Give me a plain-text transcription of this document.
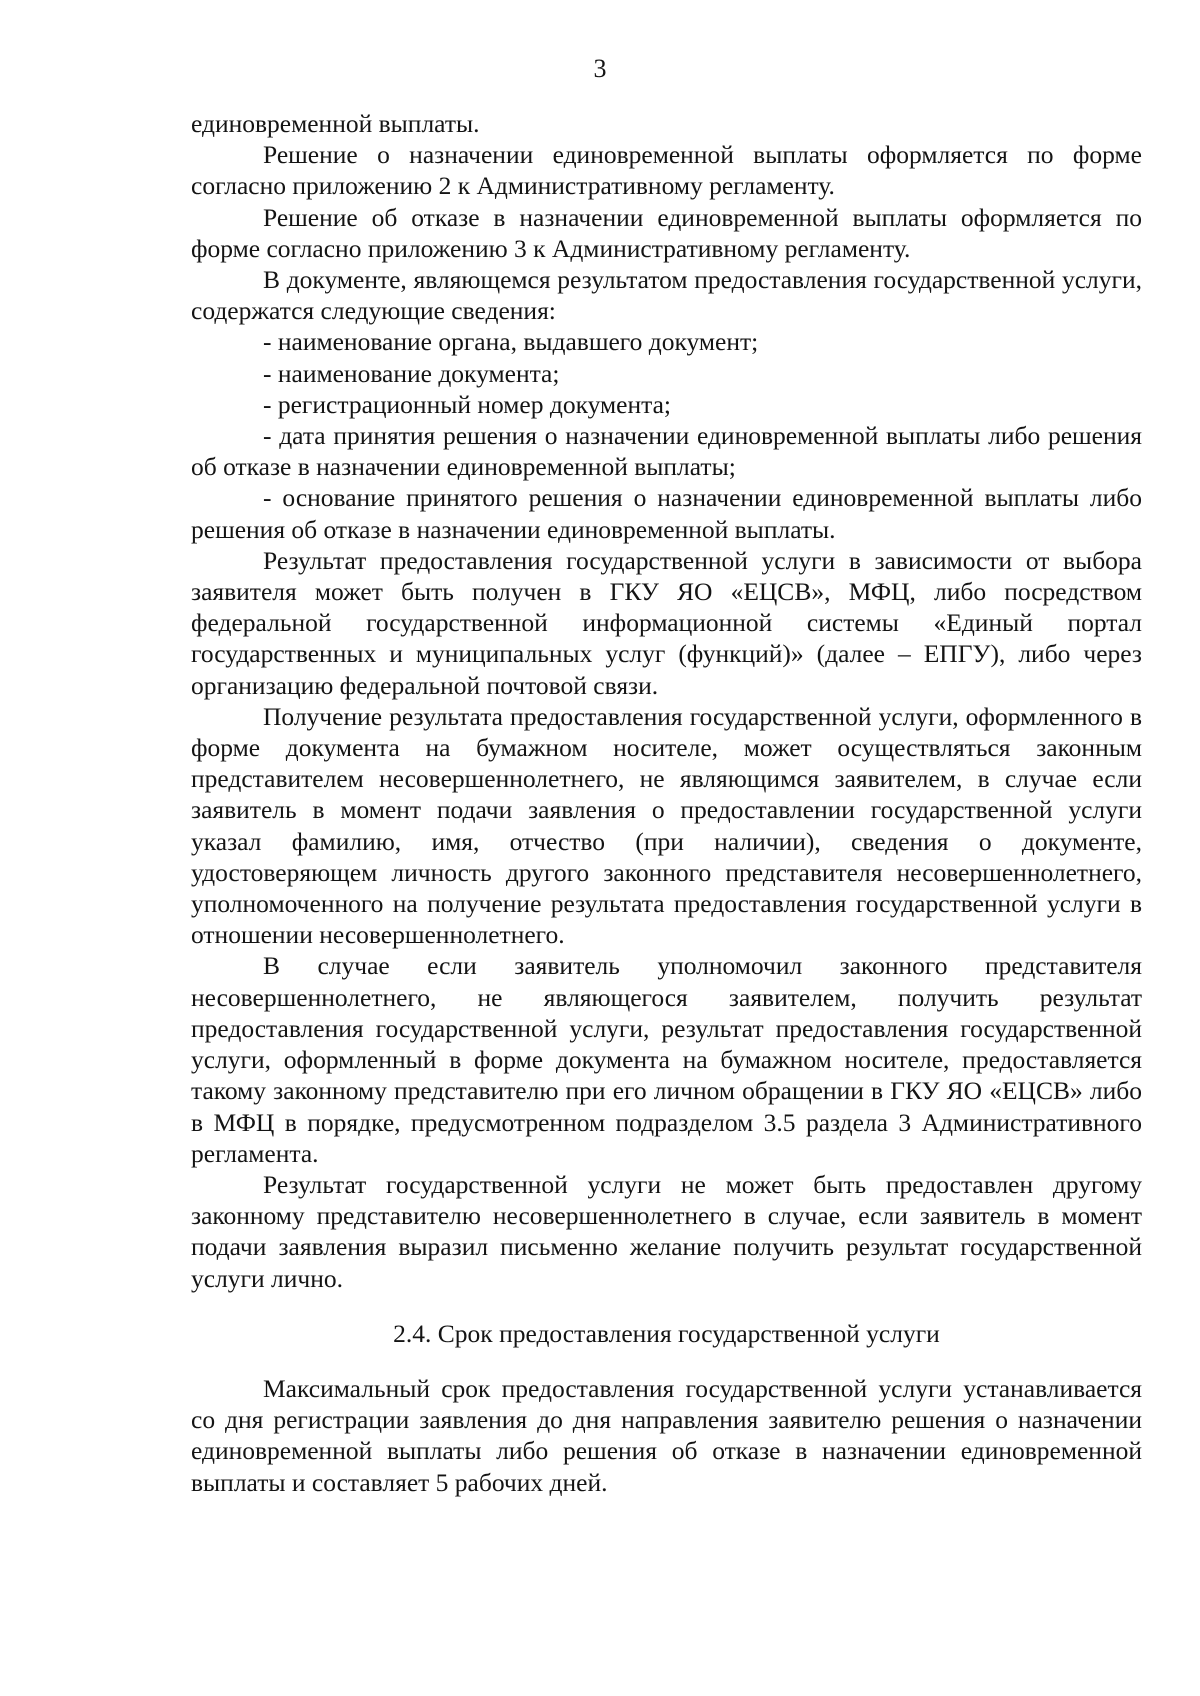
3

единовременной выплаты.

Решение о назначении единовременной выплаты оформляется по форме согласно приложению 2 к Административному регламенту.

Решение об отказе в назначении единовременной выплаты оформляется по форме согласно приложению 3 к Административному регламенту.

В документе, являющемся результатом предоставления государственной услуги, содержатся следующие сведения:

- наименование органа, выдавшего документ;

- наименование документа;

- регистрационный номер документа;

- дата принятия решения о назначении единовременной выплаты либо решения об отказе в назначении единовременной выплаты;

- основание принятого решения о назначении единовременной выплаты либо решения об отказе в назначении единовременной выплаты.

Результат предоставления государственной услуги в зависимости от выбора заявителя может быть получен в ГКУ ЯО «ЕЦСВ», МФЦ, либо посредством федеральной государственной информационной системы «Единый портал государственных и муниципальных услуг (функций)» (далее – ЕПГУ), либо через организацию федеральной почтовой связи.

Получение результата предоставления государственной услуги, оформленного в форме документа на бумажном носителе, может осуществляться законным представителем несовершеннолетнего, не являющимся заявителем, в случае если заявитель в момент подачи заявления о предоставлении государственной услуги указал фамилию, имя, отчество (при наличии), сведения о документе, удостоверяющем личность другого законного представителя несовершеннолетнего, уполномоченного на получение результата предоставления государственной услуги в отношении несовершеннолетнего.

В случае если заявитель уполномочил законного представителя несовершеннолетнего, не являющегося заявителем, получить результат предоставления государственной услуги, результат предоставления государственной услуги, оформленный в форме документа на бумажном носителе, предоставляется такому законному представителю при его личном обращении в ГКУ ЯО «ЕЦСВ» либо в МФЦ в порядке, предусмотренном подразделом 3.5 раздела 3 Административного регламента.

Результат государственной услуги не может быть предоставлен другому законному представителю несовершеннолетнего в случае, если заявитель в момент подачи заявления выразил письменно желание получить результат государственной услуги лично.

2.4. Срок предоставления государственной услуги

Максимальный срок предоставления государственной услуги устанавливается со дня регистрации заявления до дня направления заявителю решения о назначении единовременной выплаты либо решения об отказе в назначении единовременной выплаты и составляет 5 рабочих дней.
